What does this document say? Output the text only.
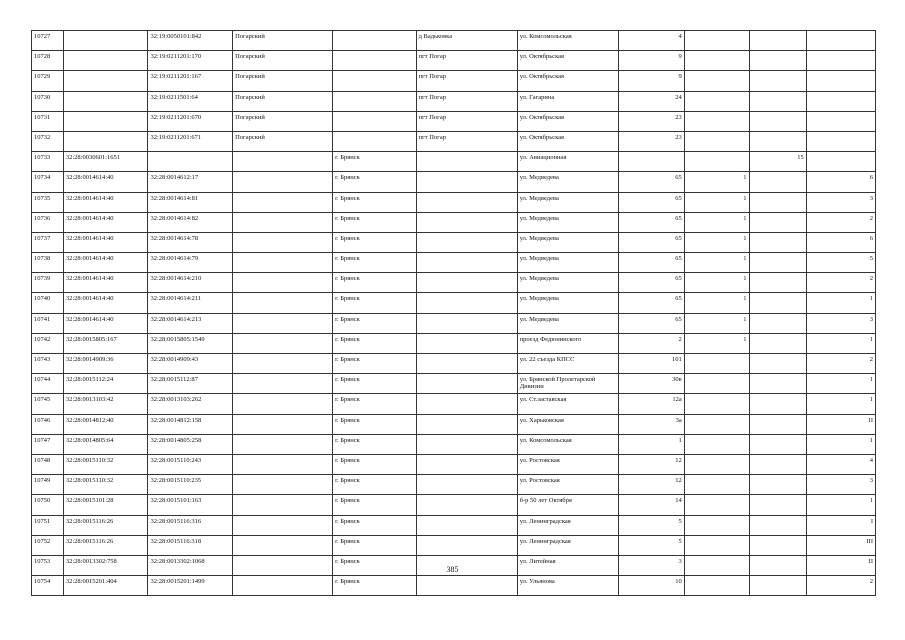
10727		32:19:0050101:842	Погарский		д Вадьковка	ул. Комсомольская	4			
10728		32:19:0211201:170	Погарский		пгт Погар	ул. Октябрьская	9			
10729		32:19:0211201:167	Погарский		пгт Погар	ул. Октябрьская	9			
10730		32:19:0211501:64	Погарский		пгт Погар	ул. Гагарина	24			
10731		32:19:0211201:670	Погарский		пгт Погар	ул. Октябрьская	23			
10732		32:19:0211201:671	Погарский		пгт Погар	ул. Октябрьская	23			
10733	32:28:0030601:1651			г. Брянск		ул. Авиационная			15	
10734	32:28:0014614:40	32:28:0014612:17		г. Брянск		ул. Медведева	65	1		6
10735	32:28:0014614:40	32:28:0014614:81		г. Брянск		ул. Медведева	65	1		3
10736	32:28:0014614:40	32:28:0014614:82		г. Брянск		ул. Медведева	65	1		2
10737	32:28:0014614:40	32:28:0014614:78		г. Брянск		ул. Медведева	65	1		6
10738	32:28:0014614:40	32:28:0014614:79		г. Брянск		ул. Медведева	65	1		5
10739	32:28:0014614:40	32:28:0014614:210		г. Брянск		ул. Медведева	65	1		2
10740	32:28:0014614:40	32:28:0014614:211		г. Брянск		ул. Медведева	65	1		1
10741	32:28:0014614:40	32:28:0014614:213		г. Брянск		ул. Медведева	65	1		3
10742	32:28:0015805:167	32:28:0015805:1549		г. Брянск		проезд Федюнинского	2	1		1
10743	32:28:0014909:36	32:28:0014909:43		г. Брянск		ул. 22 съезда КПСС	101			2
10744	32:28:0015112:24	32:28:0015112:87		г. Брянск		ул. Брянской Пролетарской Дивизии	30в			1
10745	32:28:0013103:42	32:28:0013103:262		г. Брянск		ул. Ст.заставская	12а			1
10746	32:28:0014812:40	32:28:0014812:158		г. Брянск		ул. Харьковская	3а			II
10747	32:28:0014805:64	32:28:0014805:258		г. Брянск		ул. Комсомольская	1			1
10748	32:28:0015110:32	32:28:0015110:243		г. Брянск		ул. Ростовская	12			4
10749	32:28:0015110:32	32:28:0015110:235		г. Брянск		ул. Ростовская	12			3
10750	32:28:0015101:28	32:28:0015101:163		г. Брянск		б-р 50 лет Октября	14			1
10751	32:28:0015116:26	32:28:0015116:316		г. Брянск		ул. Ленинградская	5			I
10752	32:28:0015116:26	32:28:0015116:318		г. Брянск		ул. Ленинградская	5			III
10753	32:28:0013302:758	32:28:0013302:1068		г. Брянск		ул. Литейная	3			II
10754	32:28:0015201:404	32:28:0015201:1499		г. Брянск		ул. Ульянова	10			2
385
